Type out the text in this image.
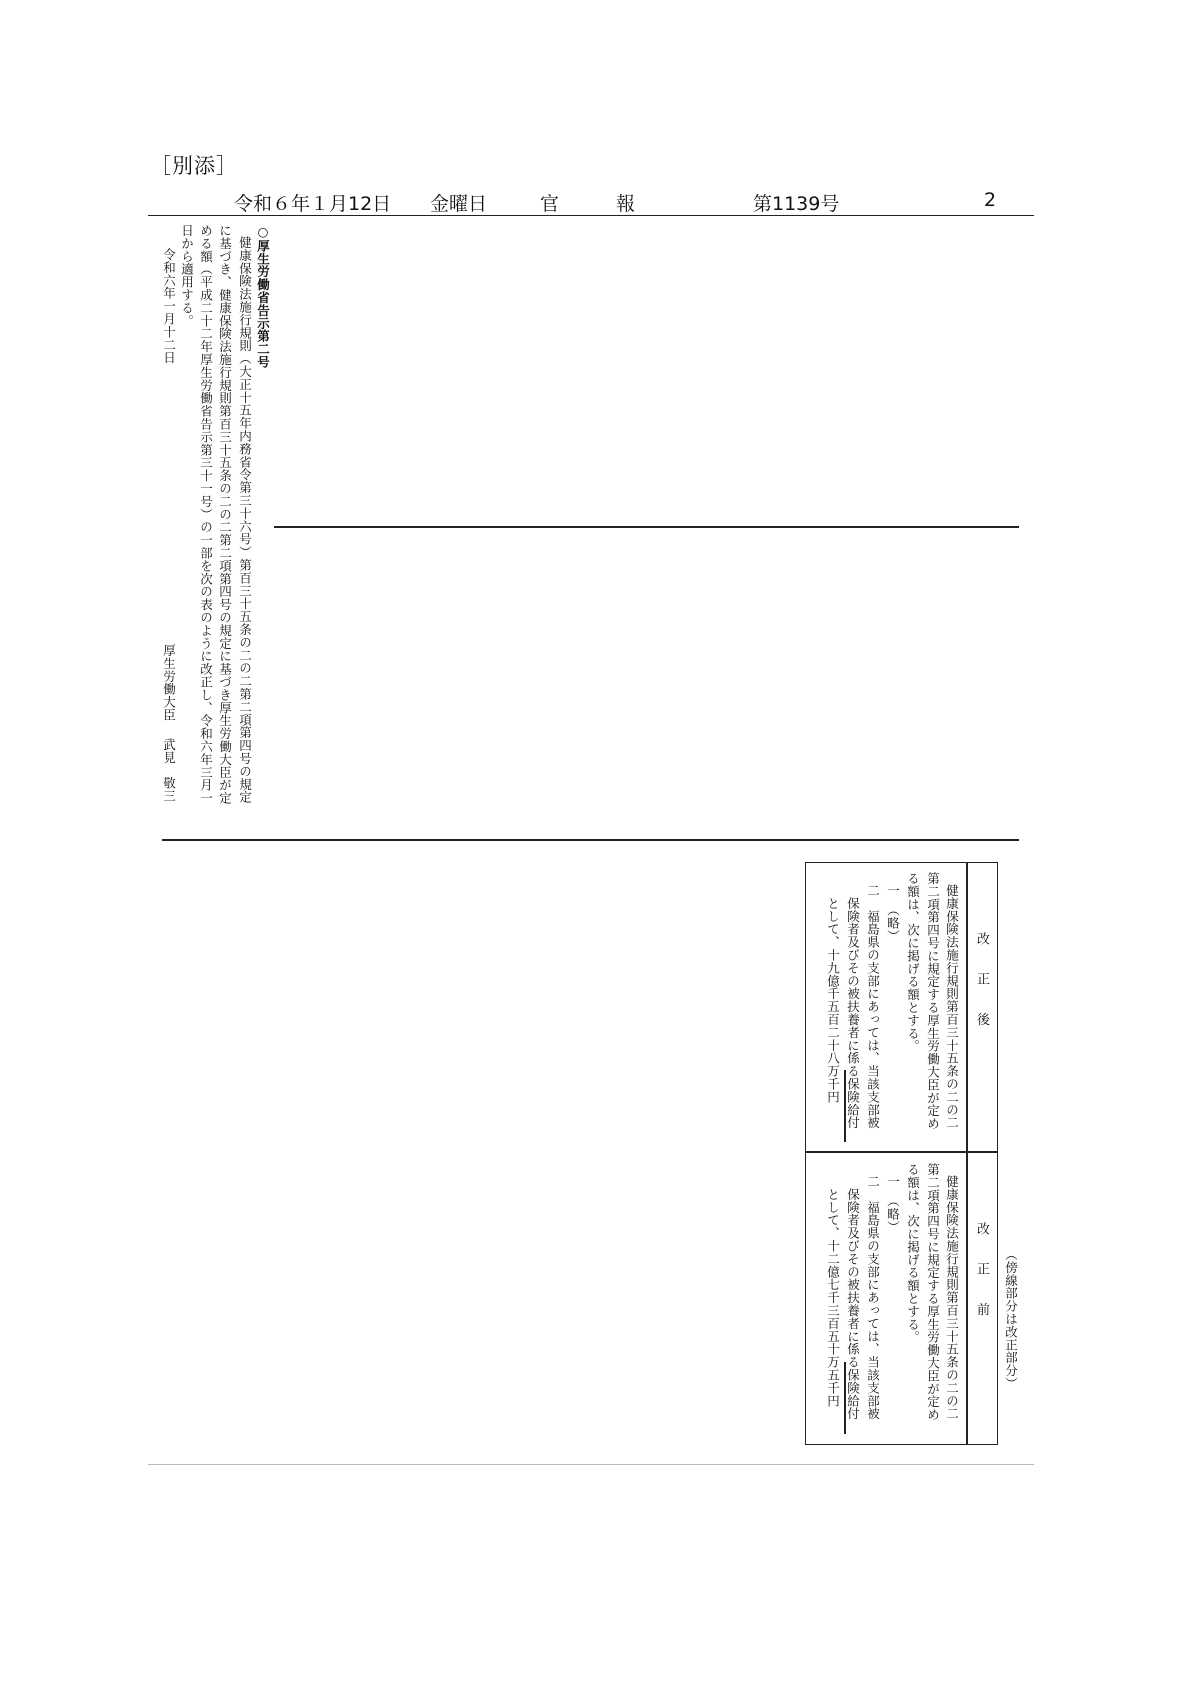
［別添］
令和６年１月12日 金曜日	官　　　報	第1139号	2
○厚生労働省告示第二号
健康保険法施行規則（大正十五年内務省令第三十六号）第百三十五条の二の二第二項第四号の規定
に基づき、健康保険法施行規則第百三十五条の二の二第二項第四号の規定に基づき厚生労働大臣が定
める額（平成二十二年厚生労働省告示第三十一号）の一部を次の表のように改正し、令和六年三月一
日から適用する。
令和六年一月十二日
厚生労働大臣
武見　敬三
（傍線部分は改正部分）
改　　正　　後
健康保険法施行規則第百三十五条の二の二
第二項第四号に規定する厚生労働大臣が定め
る額は、次に掲げる額とする。
一　（略）
二　福島県の支部にあっては、当該支部被
　保険者及びその被扶養者に係る保険給付
　として、十九億千五百二十八万千円
改　　正　　前
健康保険法施行規則第百三十五条の二の二
第二項第四号に規定する厚生労働大臣が定め
る額は、次に掲げる額とする。
一　（略）
二　福島県の支部にあっては、当該支部被
　保険者及びその被扶養者に係る保険給付
　として、十二億七千三百五十万五千円
